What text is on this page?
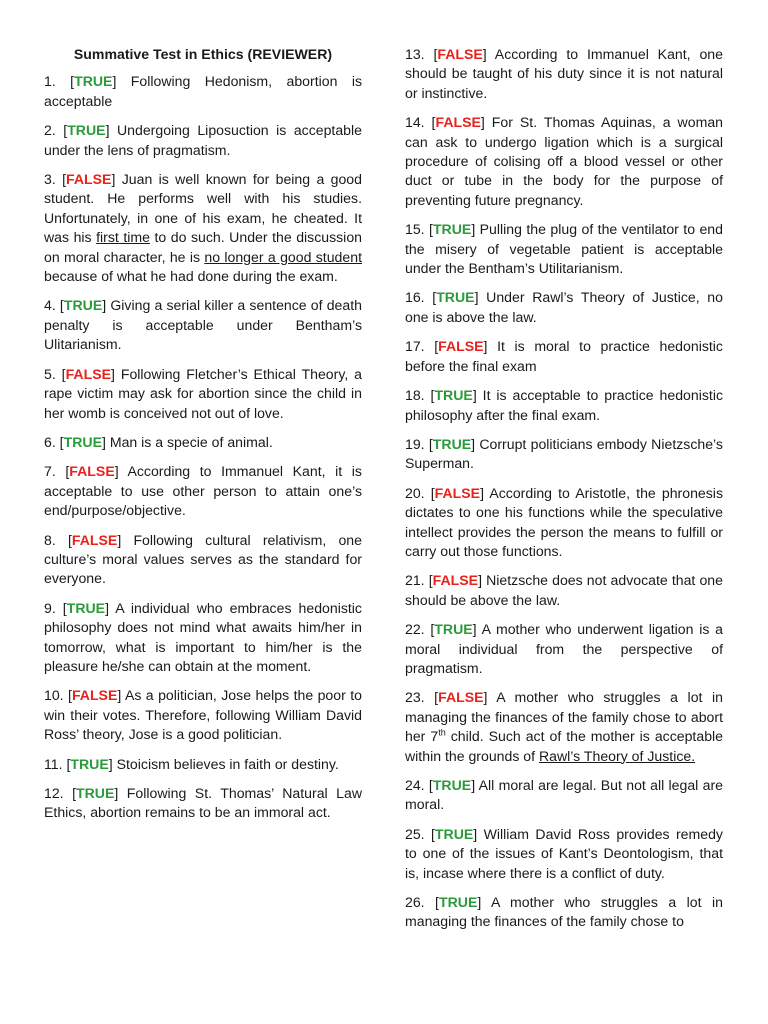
Summative Test in Ethics (REVIEWER)

1. [TRUE] Following Hedonism, abortion is acceptable

2. [TRUE] Undergoing Liposuction is acceptable under the lens of pragmatism.

3. [FALSE] Juan is well known for being a good student. He performs well with his studies. Unfortunately, in one of his exam, he cheated. It was his first time to do such. Under the discussion on moral character, he is no longer a good student because of what he had done during the exam.

4. [TRUE] Giving a serial killer a sentence of death penalty is acceptable under Bentham’s Ulitarianism.

5. [FALSE] Following Fletcher’s Ethical Theory, a rape victim may ask for abortion since the child in her womb is conceived not out of love.

6. [TRUE] Man is a specie of animal.

7. [FALSE] According to Immanuel Kant, it is acceptable to use other person to attain one’s end/purpose/objective.

8. [FALSE] Following cultural relativism, one culture’s moral values serves as the standard for everyone.

9. [TRUE] A individual who embraces hedonistic philosophy does not mind what awaits him/her in tomorrow, what is important to him/her is the pleasure he/she can obtain at the moment.

10. [FALSE] As a politician, Jose helps the poor to win their votes. Therefore, following William David Ross’ theory, Jose is a good politician.

11. [TRUE] Stoicism believes in faith or destiny.

12. [TRUE] Following St. Thomas’ Natural Law Ethics, abortion remains to be an immoral act.

13. [FALSE] According to Immanuel Kant, one should be taught of his duty since it is not natural or instinctive.

14. [FALSE] For St. Thomas Aquinas, a woman can ask to undergo ligation which is a surgical procedure of colising off a blood vessel or other duct or tube in the body for the purpose of preventing future pregnancy.

15. [TRUE] Pulling the plug of the ventilator to end the misery of vegetable patient is acceptable under the Bentham’s Utilitarianism.

16. [TRUE] Under Rawl’s Theory of Justice, no one is above the law.

17. [FALSE] It is moral to practice hedonistic before the final exam

18. [TRUE] It is acceptable to practice hedonistic philosophy after the final exam.

19. [TRUE] Corrupt politicians embody Nietzsche’s Superman.

20. [FALSE] According to Aristotle, the phronesis dictates to one his functions while the speculative intellect provides the person the means to fulfill or carry out those functions.

21. [FALSE] Nietzsche does not advocate that one should be above the law.

22. [TRUE] A mother who underwent ligation is a moral individual from the perspective of pragmatism.

23. [FALSE] A mother who struggles a lot in managing the finances of the family chose to abort her 7th child. Such act of the mother is acceptable within the grounds of Rawl’s Theory of Justice.

24. [TRUE] All moral are legal. But not all legal are moral.

25. [TRUE] William David Ross provides remedy to one of the issues of Kant’s Deontologism, that is, incase where there is a conflict of duty.

26. [TRUE] A mother who struggles a lot in managing the finances of the family chose to
